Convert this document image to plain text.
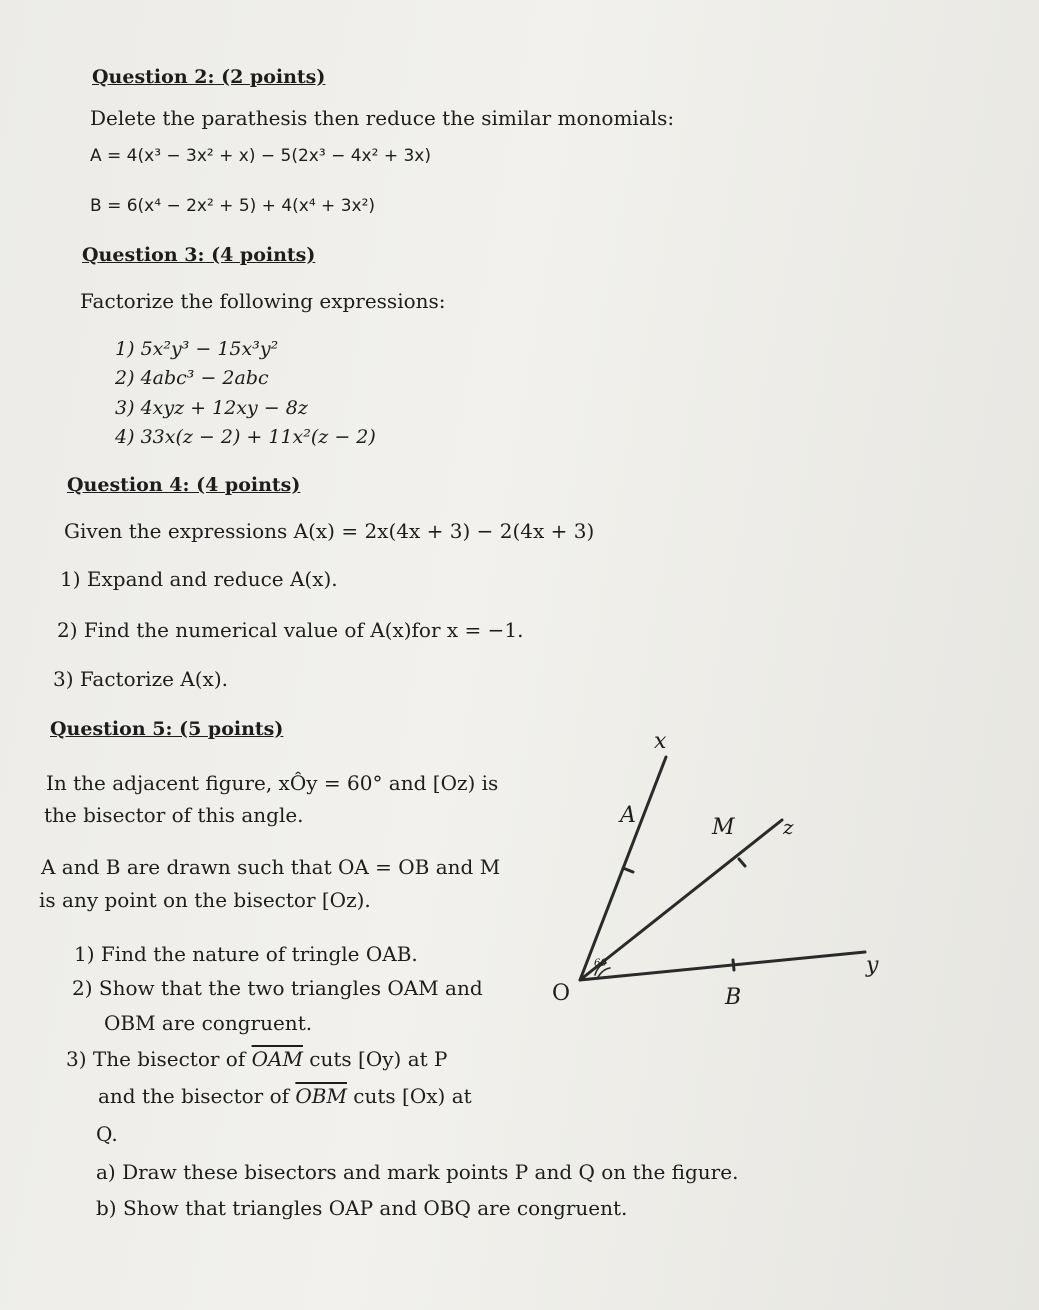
Question 2: (2 points)
Delete the parathesis then reduce the similar monomials:
A = 4(x³ − 3x² + x) − 5(2x³ − 4x² + 3x)
B = 6(x⁴ − 2x² + 5) + 4(x⁴ + 3x²)
Question 3: (4 points)
Factorize the following expressions:
1) 5x²y³ − 15x³y²
2) 4abc³ − 2abc
3) 4xyz + 12xy − 8z
4) 33x(z − 2) + 11x²(z − 2)
Question 4: (4 points)
Given the expressions A(x) = 2x(4x + 3) − 2(4x + 3)
1) Expand and reduce A(x).
2) Find the numerical value of A(x)for x = −1.
3) Factorize A(x).
Question 5: (5 points)
In the adjacent figure, xÔy = 60° and [Oz) is
the bisector of this angle.
A and B are drawn such that OA = OB and M
is any point on the bisector [Oz).
1) Find the nature of tringle OAB.
2) Show that the two triangles OAM and
OBM are congruent.
3) The bisector of $\overline{OAM}$ cuts [Oy) at P
and the bisector of $\overline{OBM}$ cuts [Ox) at
Q.
a) Draw these bisectors and mark points P and Q on the figure.
b) Show that triangles OAP and OBQ are congruent.
x
y
z
O
A
B
M
60
